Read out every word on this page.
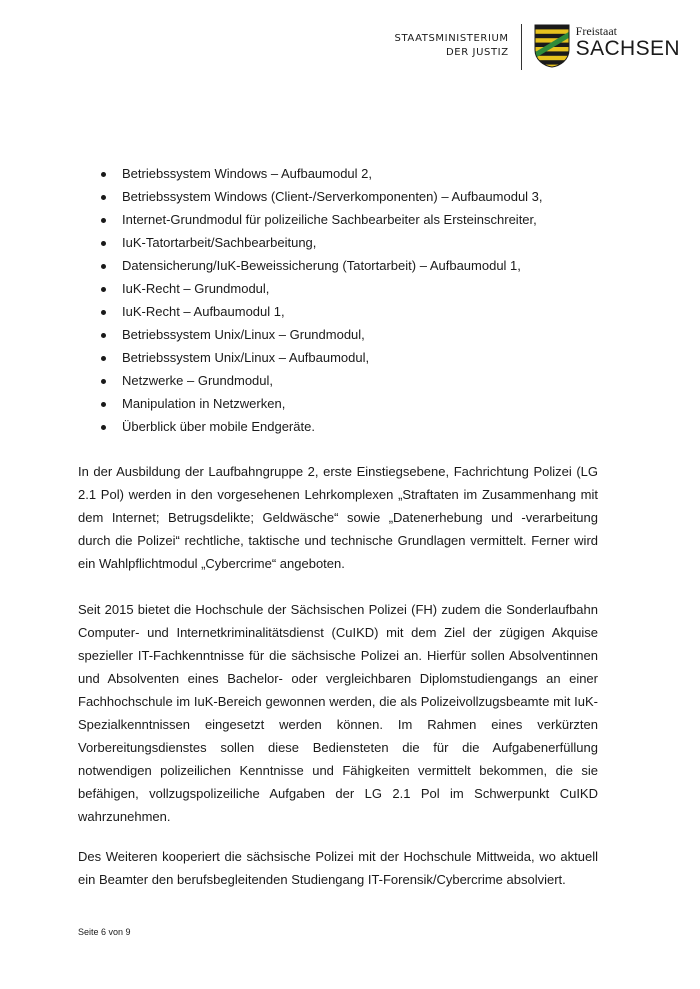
STAATSMINISTERIUM
DER JUSTIZ
Freistaat
SACHSEN
Betriebssystem Windows – Aufbaumodul 2,
Betriebssystem Windows (Client-/Serverkomponenten) – Aufbaumodul 3,
Internet-Grundmodul für polizeiliche Sachbearbeiter als Ersteinschreiter,
IuK-Tatortarbeit/Sachbearbeitung,
Datensicherung/IuK-Beweissicherung (Tatortarbeit) – Aufbaumodul 1,
IuK-Recht – Grundmodul,
IuK-Recht – Aufbaumodul 1,
Betriebssystem Unix/Linux – Grundmodul,
Betriebssystem Unix/Linux – Aufbaumodul,
Netzwerke – Grundmodul,
Manipulation in Netzwerken,
Überblick über mobile Endgeräte.

In der Ausbildung der Laufbahngruppe 2, erste Einstiegsebene, Fachrichtung Polizei (LG 2.1 Pol) werden in den vorgesehenen Lehrkomplexen „Straftaten im Zusammenhang mit dem Internet; Betrugsdelikte; Geldwäsche“ sowie „Datenerhebung und -verarbeitung durch die Polizei“ rechtliche, taktische und technische Grundlagen vermittelt. Ferner wird ein Wahlpflichtmodul „Cybercrime“ angeboten.

Seit 2015 bietet die Hochschule der Sächsischen Polizei (FH) zudem die Sonderlaufbahn Computer- und Internetkriminalitätsdienst (CuIKD) mit dem Ziel der zügigen Akquise spezieller IT-Fachkenntnisse für die sächsische Polizei an. Hierfür sollen Absolventinnen und Absolventen eines Bachelor- oder vergleichbaren Diplomstudiengangs an einer Fachhochschule im IuK-Bereich gewonnen werden, die als Polizeivollzugsbeamte mit IuK-Spezialkenntnissen eingesetzt werden können. Im Rahmen eines verkürzten Vorbereitungsdienstes sollen diese Bediensteten die für die Aufgabenerfüllung notwendigen polizeilichen Kenntnisse und Fähigkeiten vermittelt bekommen, die sie befähigen, vollzugspolizeiliche Aufgaben der LG 2.1 Pol im Schwerpunkt CuIKD wahrzunehmen.

Des Weiteren kooperiert die sächsische Polizei mit der Hochschule Mittweida, wo aktuell ein Beamter den berufsbegleitenden Studiengang IT-Forensik/Cybercrime absolviert.

Seite 6 von 9
